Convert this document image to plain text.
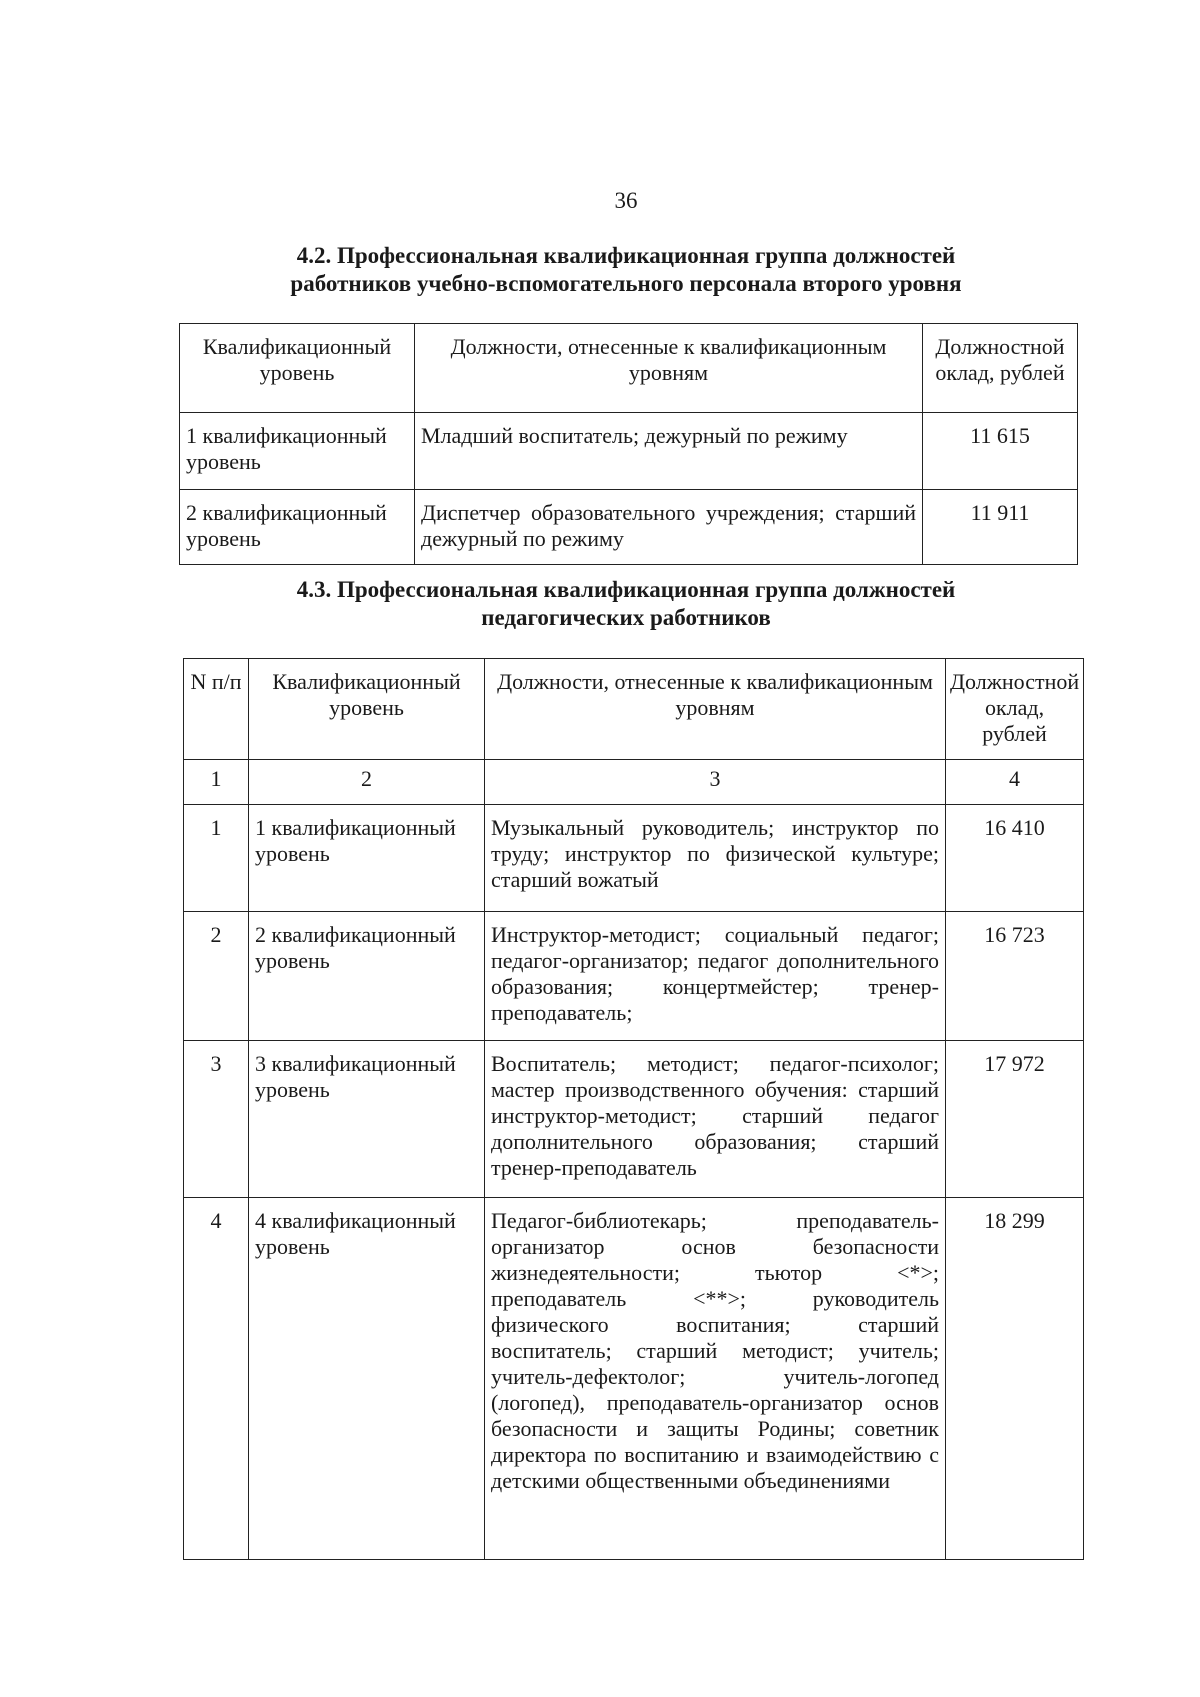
36
4.2. Профессиональная квалификационная группа должностей
работников учебно-вспомогательного персонала второго уровня
Квалификационный уровень	Должности, отнесенные к квалификационным уровням	Должностной оклад, рублей
1 квалификационный уровень	Младший воспитатель; дежурный по режиму	11 615
2 квалификационный уровень	Диспетчер образовательного учреждения; старший дежурный по режиму	11 911
4.3. Профессиональная квалификационная группа должностей
педагогических работников
N п/п	Квалификационный уровень	Должности, отнесенные к квалификационным уровням	Должностной оклад, рублей
1	2	3	4
1	1 квалификационный уровень	Музыкальный руководитель; инструктор по труду; инструктор по физической культуре; старший вожатый	16 410
2	2 квалификационный уровень	Инструктор-методист; социальный педагог; педагог-организатор; педагог дополнительного образования; концертмейстер; тренер-преподаватель;	16 723
3	3 квалификационный уровень	Воспитатель; методист; педагог-психолог; мастер производственного обучения: старший инструктор-методист; старший педагог дополнительного образования; старший тренер-преподаватель	17 972
4	4 квалификационный уровень	Педагог-библиотекарь; преподаватель-организатор основ безопасности жизнедеятельности; тьютор <*>; преподаватель <**>; руководитель физического воспитания; старший воспитатель; старший методист; учитель; учитель-дефектолог; учитель-логопед (логопед), преподаватель-организатор основ безопасности и защиты Родины; советник директора по воспитанию и взаимодействию с детскими общественными объединениями	18 299
